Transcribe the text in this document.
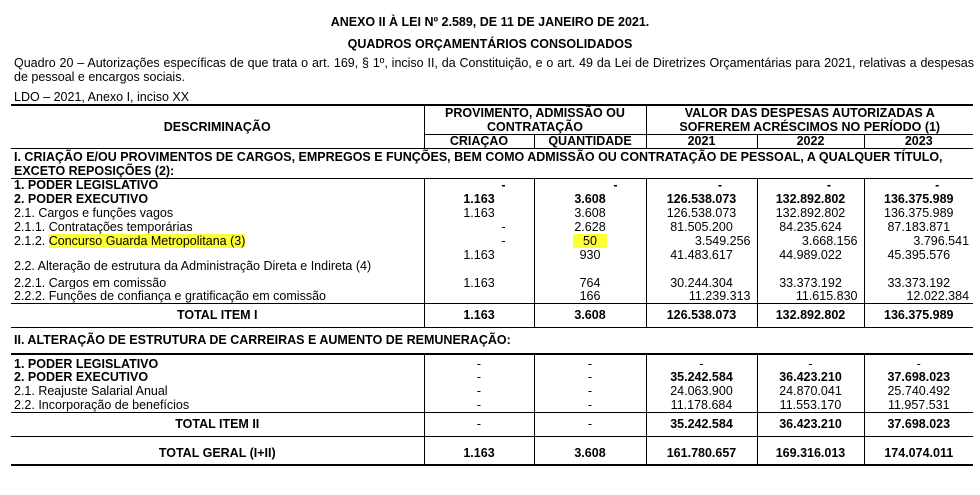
ANEXO II À LEI Nº 2.589, DE 11 DE JANEIRO DE 2021.
QUADROS ORÇAMENTÁRIOS CONSOLIDADOS
Quadro 20 – Autorizações específicas de que trata o art. 169, § 1º, inciso II, da Constituição, e o art. 49 da Lei de Diretrizes Orçamentárias para 2021, relativas a despesas de pessoal e encargos sociais.
LDO – 2021, Anexo I, inciso XX
DESCRIMINAÇÃO	PROVIMENTO, ADMISSÃO OU CONTRATAÇÃO		VALOR DAS DESPESAS AUTORIZADAS A SOFREREM ACRÉSCIMOS NO PERÍODO (1)		
	CRIAÇÃO	QUANTIDADE	2021	2022	2023
I. CRIAÇÃO E/OU PROVIMENTOS DE CARGOS, EMPREGOS E FUNÇÕES, BEM COMO ADMISSÃO OU CONTRATAÇÃO DE PESSOAL, A QUALQUER TÍTULO, EXCETO REPOSIÇÕES (2):					
1. PODER LEGISLATIVO	-	-	-	-	-
2. PODER EXECUTIVO	1.163	3.608	126.538.073	132.892.802	136.375.989
2.1. Cargos e funções vagos	1.163	3.608	126.538.073	132.892.802	136.375.989
2.1.1. Contratações temporárias	-	2.628	81.505.200	84.235.624	87.183.871
2.1.2. Concurso Guarda Metropolitana (3)	-	50	3.549.256	3.668.156	3.796.541
2.2. Alteração de estrutura da Administração Direta e Indireta (4)	1.163	930	41.483.617	44.989.022	45.395.576
2.2.1. Cargos em comissão	1.163	764	30.244.304	33.373.192	33.373.192
2.2.2. Funções de confiança e gratificação em comissão		166	11.239.313	11.615.830	12.022.384
TOTAL ITEM I	1.163	3.608	126.538.073	132.892.802	136.375.989
II. ALTERAÇÃO DE ESTRUTURA DE CARREIRAS E AUMENTO DE REMUNERAÇÃO:					
1. PODER LEGISLATIVO	-	-	-	-	-
2. PODER EXECUTIVO	-	-	35.242.584	36.423.210	37.698.023
2.1. Reajuste Salarial Anual	-	-	24.063.900	24.870.041	25.740.492
2.2. Incorporação de benefícios	-	-	11.178.684	11.553.170	11.957.531
TOTAL ITEM II	-	-	35.242.584	36.423.210	37.698.023

TOTAL GERAL (I+II)	1.163	3.608	161.780.657	169.316.013	174.074.011
